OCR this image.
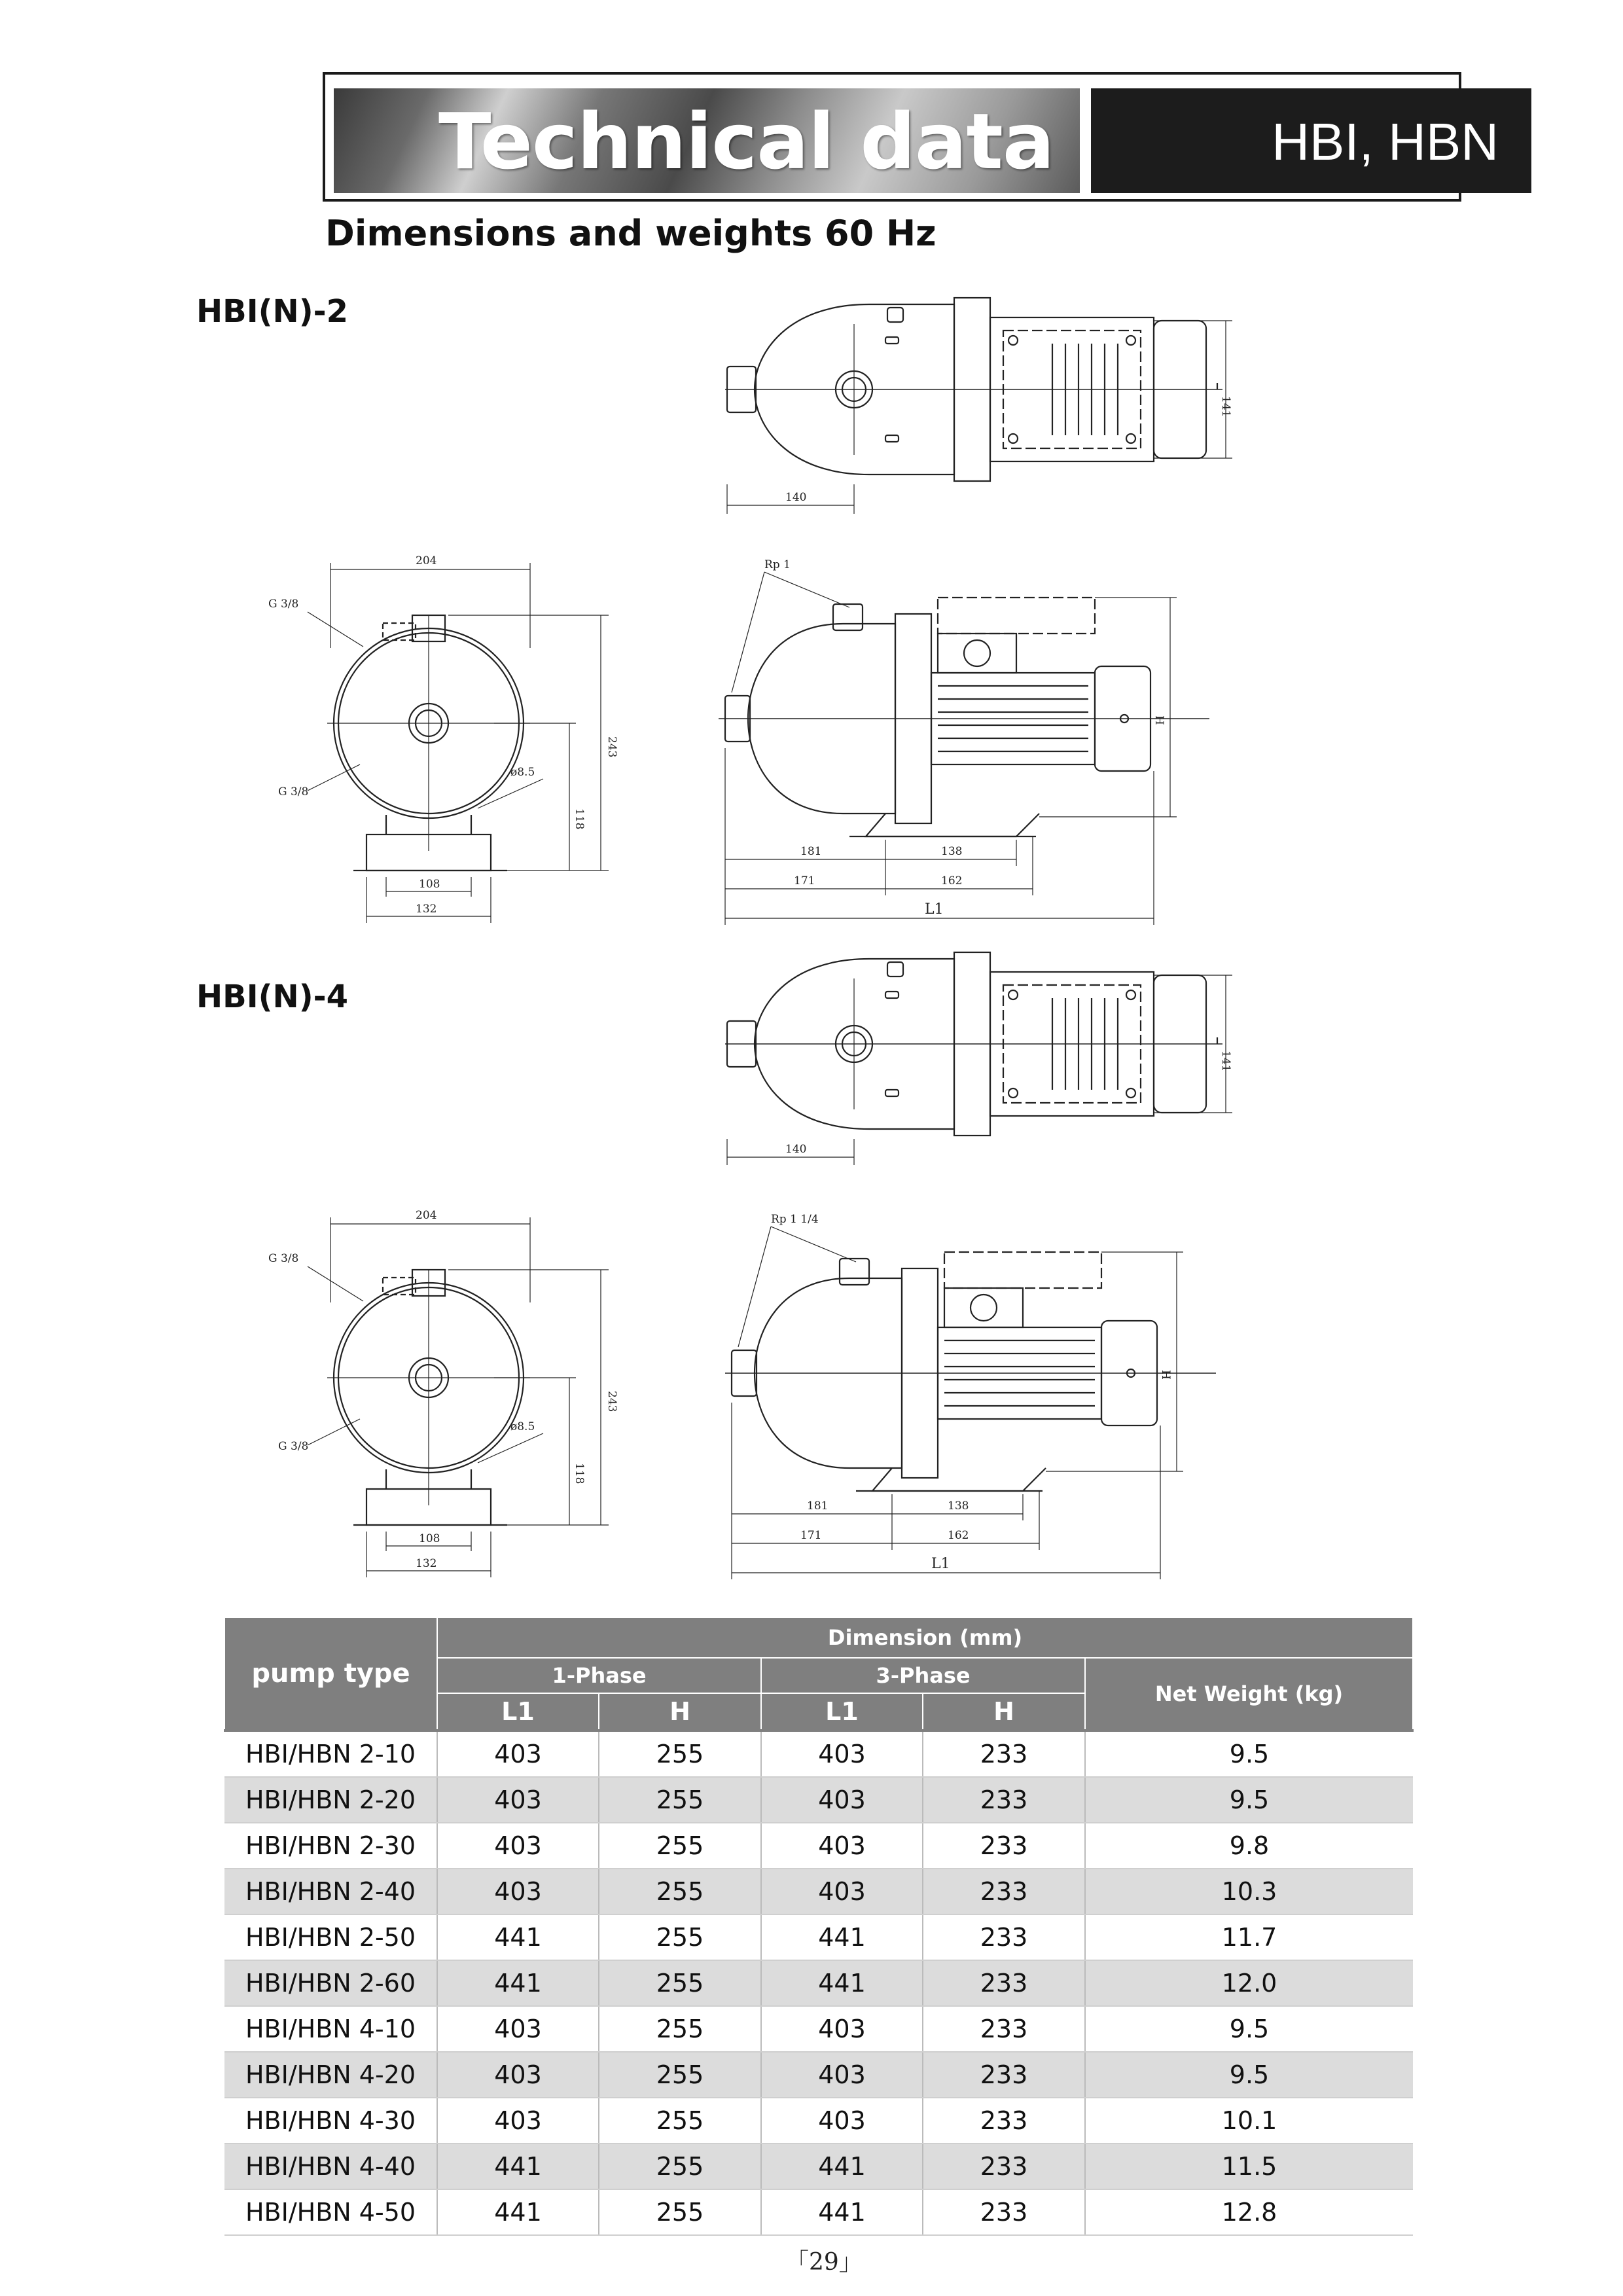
Technical data	HBI, HBN
Dimensions and weights 60 Hz
HBI(N)-2
HBI(N)-4
140
141
204
243
118
G 3/8
G 3/8
ø8.5
108
132
Rp 1
H
181	138
171	162
L1
140
141
204
243
118
G 3/8
G 3/8
ø8.5
108
132
Rp 1 1/4
H
181	138
171	162
L1
pump type	Dimension (mm)				
	1-Phase		3-Phase		Net Weight (kg)
	L1	H	L1	H	
HBI/HBN 2-10	403	255	403	233	9.5
HBI/HBN 2-20	403	255	403	233	9.5
HBI/HBN 2-30	403	255	403	233	9.8
HBI/HBN 2-40	403	255	403	233	10.3
HBI/HBN 2-50	441	255	441	233	11.7
HBI/HBN 2-60	441	255	441	233	12.0
HBI/HBN 4-10	403	255	403	233	9.5
HBI/HBN 4-20	403	255	403	233	9.5
HBI/HBN 4-30	403	255	403	233	10.1
HBI/HBN 4-40	441	255	441	233	11.5
HBI/HBN 4-50	441	255	441	233	12.8
「29」
